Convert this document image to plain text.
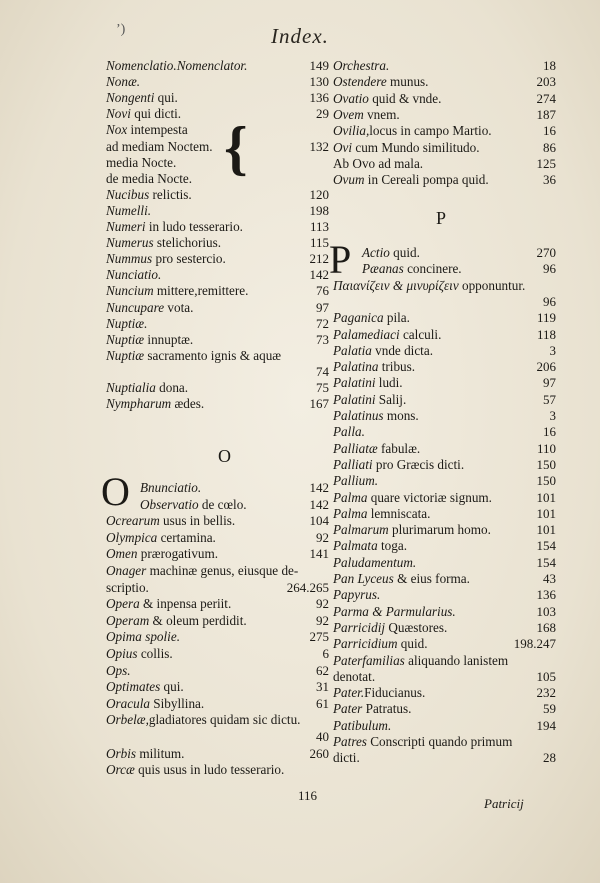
ʼ)	Index.
Nomenclatio.Nomenclator.	149
Nonæ.	130
Nongenti qui.	136
Novi qui dicti.	29
Nox intempesta
ad mediam Noctem.	132
media Nocte.
de media Nocte.
Nucibus relictis.	120
Numelli.	198
Numeri in ludo tesserario.	113
Numerus stelichorius.	115
Nummus pro sestercio.	212
Nunciatio.	142
Nuncium mittere,remittere.	76
Nuncupare vota.	97
Nuptiæ.	72
Nuptiæ innuptæ.	73
Nuptiæ sacramento ignis & aquæ
74
Nuptialia dona.	75
Nympharum ædes.	167
{
O
O Bnunciatio.	142
Observatio de cœlo.	142
Ocrearum usus in bellis.	104
Olympica certamina.	92
Omen prærogativum.	141
Onager machinæ genus, eiusque de-
scriptio.	264.265
Opera & inpensa periit.	92
Operam & oleum perdidit.	92
Opima spolie.	275
Opius collis.	6
Ops.	62
Optimates qui.	31
Oracula Sibyllina.	61
Orbelæ,gladiatores quidam sic dictu.
40
Orbis militum.	260
Orcæ quis usus in ludo tesserario.
116
Orchestra.	18
Ostendere munus.	203
Ovatio quid & vnde.	274
Ovem vnem.	187
Ovilia,locus in campo Martio.	16
Ovi cum Mundo similitudo.	86
Ab Ovo ad mala.	125
Ovum in Cereali pompa quid.	36
P
P Actio quid.	270
Pæanas concinere.	96
Παιανίζειν & μινυρίζειν opponuntur.
96
Paganica pila.	119
Palamediaci calculi.	118
Palatia vnde dicta.	3
Palatina tribus.	206
Palatini ludi.	97
Palatini Salij.	57
Palatinus mons.	3
Palla.	16
Palliatæ fabulæ.	110
Palliati pro Græcis dicti.	150
Pallium.	150
Palma quare victoriæ signum.	101
Palma lemniscata.	101
Palmarum plurimarum homo.	101
Palmata toga.	154
Paludamentum.	154
Pan Lyceus & eius forma.	43
Papyrus.	136
Parma & Parmularius.	103
Parricidij Quæstores.	168
Parricidium quid.	198.247
Paterfamilias aliquando lanistem
denotat.	105
Pater.Fiducianus.	232
Pater Patratus.	59
Patibulum.	194
Patres Conscripti quando primum
dicti.	28
Patricij
